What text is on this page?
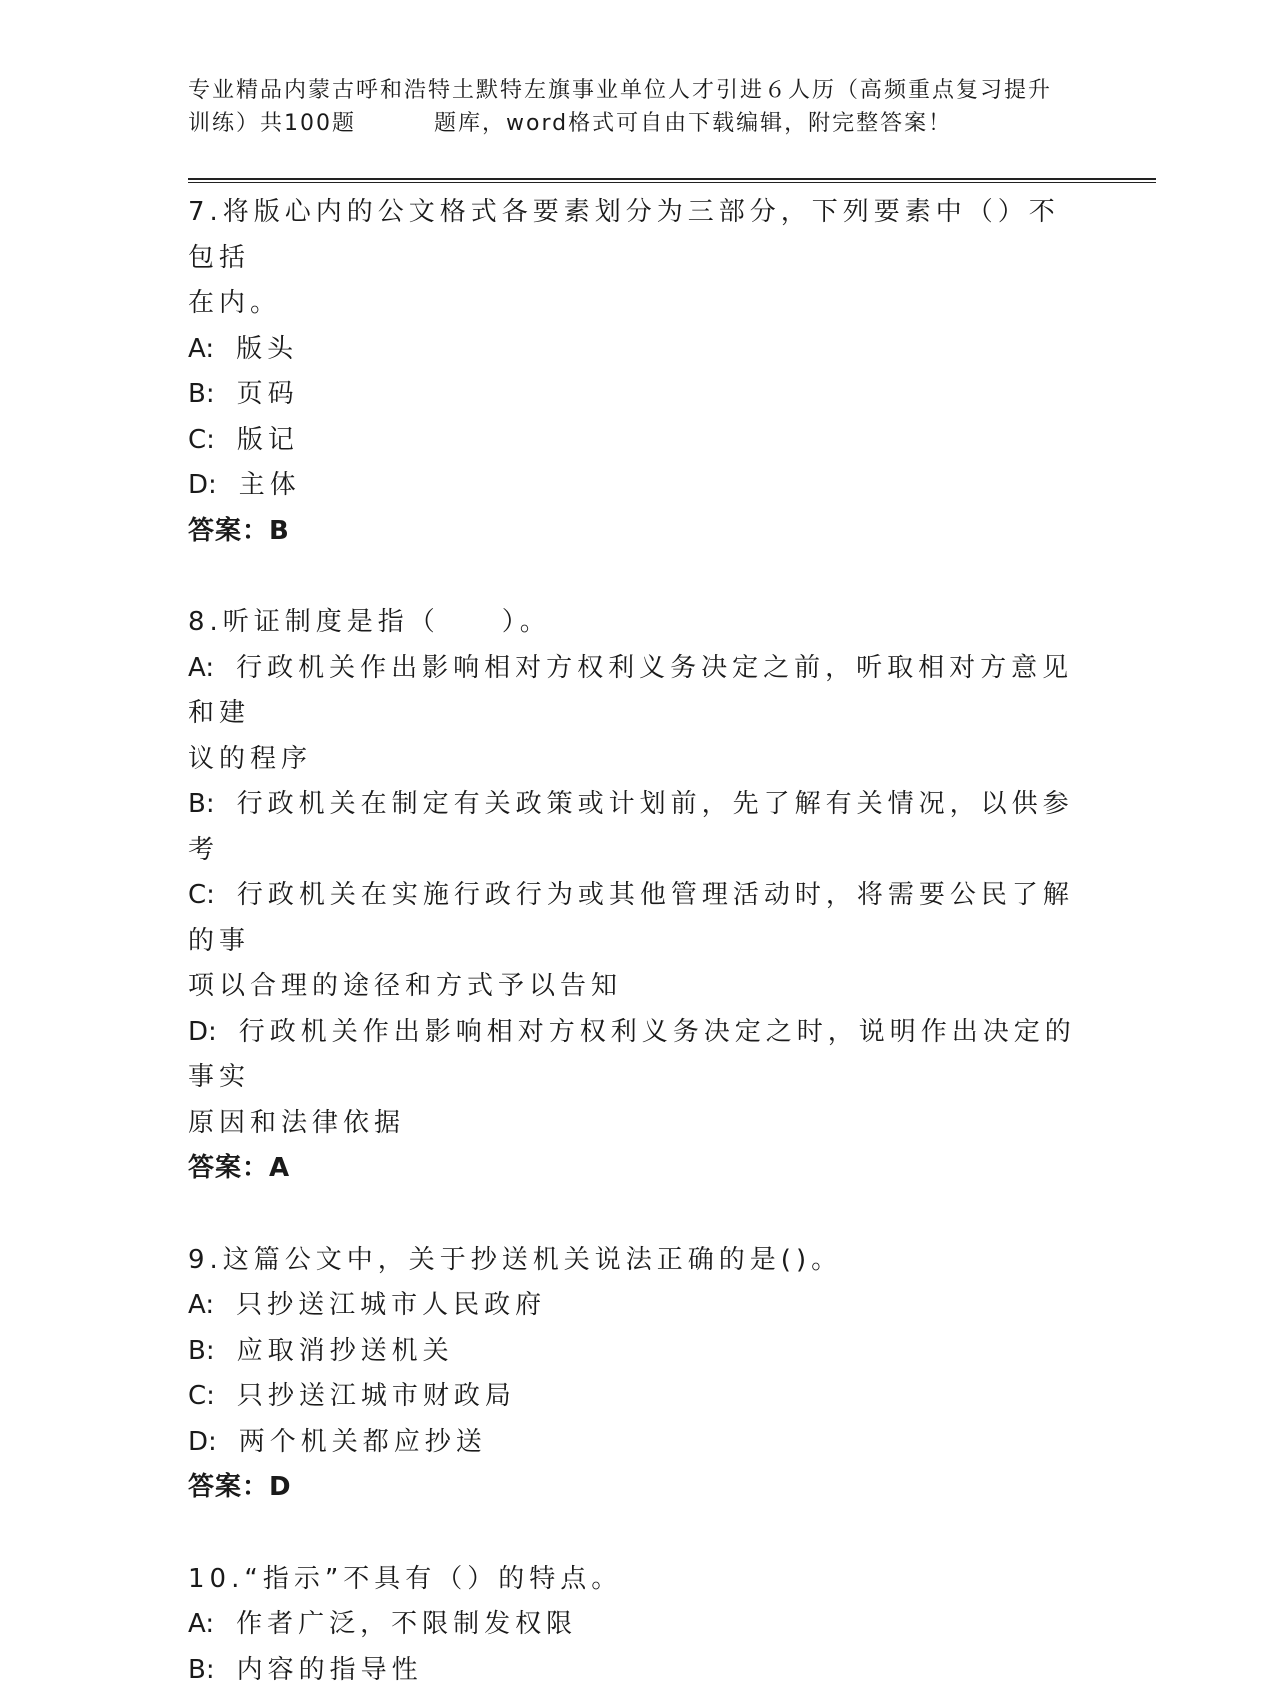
专业精品内蒙古呼和浩特土默特左旗事业单位人才引进６人历（高频重点复习提升
训练）共100题	题库，word格式可自由下载编辑，附完整答案！

7.将版心内的公文格式各要素划分为三部分，下列要素中（）不包括

在内。

A: 版头

B: 页码

C: 版记

D: 主体

答案：B

8.听证制度是指（　　）。

A: 行政机关作出影响相对方权利义务决定之前，听取相对方意见和建

议的程序

B: 行政机关在制定有关政策或计划前，先了解有关情况，以供参考

C: 行政机关在实施行政行为或其他管理活动时，将需要公民了解的事

项以合理的途径和方式予以告知

D: 行政机关作出影响相对方权利义务决定之时，说明作出决定的事实

原因和法律依据

答案：A

9.这篇公文中，关于抄送机关说法正确的是()。

A: 只抄送江城市人民政府

B: 应取消抄送机关

C: 只抄送江城市财政局

D: 两个机关都应抄送

答案：D

10.“指示”不具有（）的特点。

A: 作者广泛，不限制发权限

B: 内容的指导性
